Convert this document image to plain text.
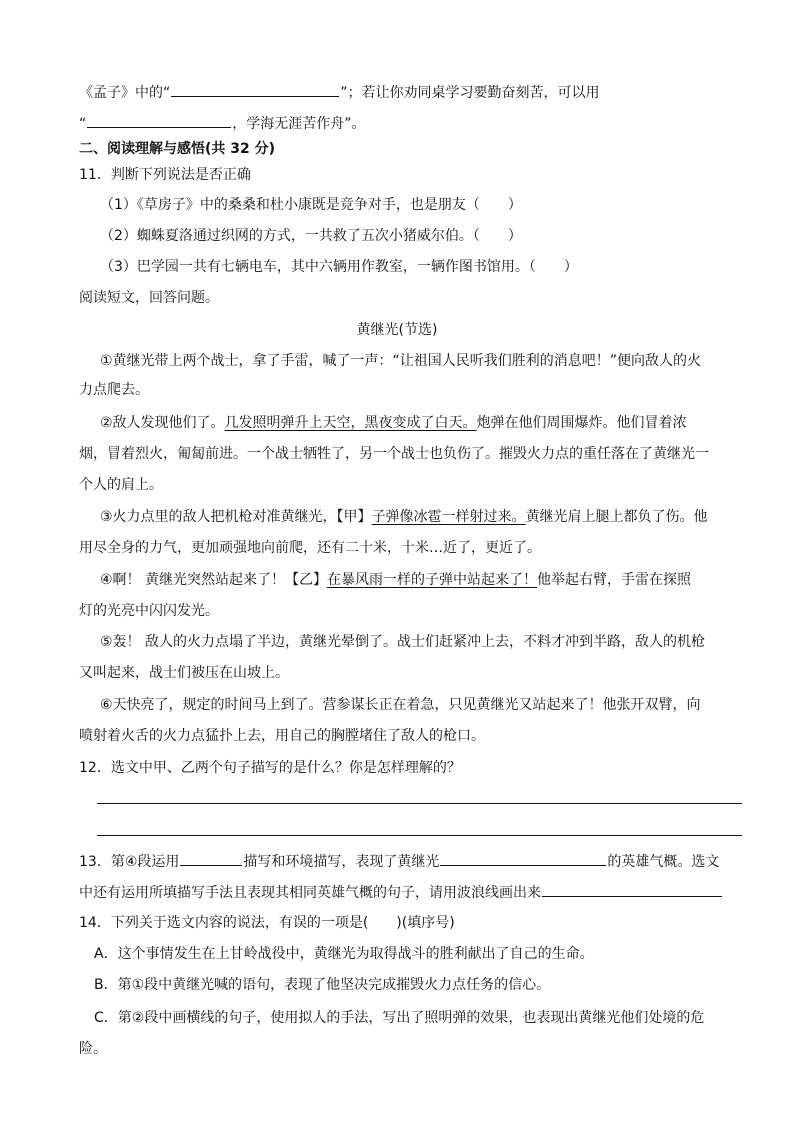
《孟子》中的“	”；若让你劝同桌学习要勤奋刻苦，可以用
“	，学海无涯苦作舟”。
二、阅读理解与感悟(共 32 分)
11．判断下列说法是否正确
（1）《草房子》中的桑桑和杜小康既是竞争对手，也是朋友（　　）
（2）蜘蛛夏洛通过织网的方式，一共救了五次小猪威尔伯。（　　）
（3）巴学园一共有七辆电车，其中六辆用作教室，一辆作图书馆用。（　　）
阅读短文，回答问题。
黄继光(节选)
①黄继光带上两个战士，拿了手雷，喊了一声：“让祖国人民听我们胜利的消息吧！”便向敌人的火
力点爬去。
②敌人发现他们了。几发照明弹升上天空，黑夜变成了白天。炮弹在他们周围爆炸。他们冒着浓
烟，冒着烈火，匍匐前进。一个战士牺牲了，另一个战士也负伤了。摧毁火力点的重任落在了黄继光一
个人的肩上。
③火力点里的敌人把机枪对准黄继光，【甲】子弹像冰雹一样射过来。黄继光肩上腿上都负了伤。他
用尽全身的力气，更加顽强地向前爬，还有二十米，十米…近了，更近了。
④啊！ 黄继光突然站起来了！【乙】在暴风雨一样的子弹中站起来了！他举起右臂，手雷在探照
灯的光亮中闪闪发光。
⑤轰！ 敌人的火力点塌了半边，黄继光晕倒了。战士们赶紧冲上去，不料才冲到半路，敌人的机枪
又叫起来，战士们被压在山坡上。
⑥天快亮了，规定的时间马上到了。营参谋长正在着急，只见黄继光又站起来了！他张开双臂，向
喷射着火舌的火力点猛扑上去，用自己的胸膛堵住了敌人的枪口。
12．选文中甲、乙两个句子描写的是什么？你是怎样理解的？
13．第④段运用	描写和环境描写，表现了黄继光	的英雄气概。选文
中还有运用所填描写手法且表现其相同英雄气概的句子，请用波浪线画出来
14．下列关于选文内容的说法，有误的一项是(　　)(填序号)
A．这个事情发生在上甘岭战役中，黄继光为取得战斗的胜利献出了自己的生命。
B．第①段中黄继光喊的语句，表现了他坚决完成摧毁火力点任务的信心。
C．第②段中画横线的句子，使用拟人的手法，写出了照明弹的效果，也表现出黄继光他们处境的危
险。
